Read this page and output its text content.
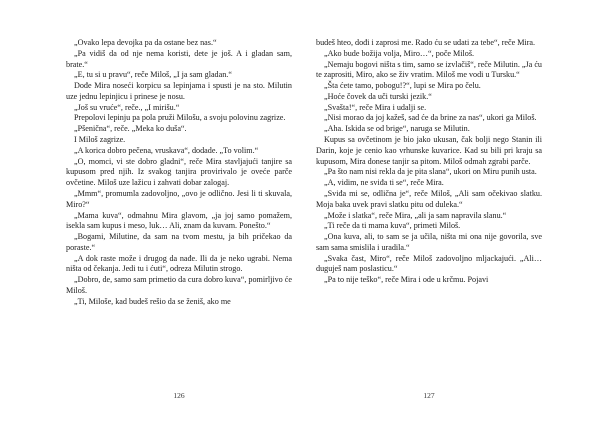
„Ovako lepa devojka pa da ostane bez nas.“

„Pa vidiš da od nje nema koristi, dete je još. A i gladan sam, brate.“

„E, tu si u pravu“, reče Miloš, „I ja sam gladan.“

Dođe Mira noseći korpicu sa lepinjama i spusti je na sto. Milutin uze jednu lepinjicu i prinese je nosu.

„Još su vruće“, reče., „I mirišu.“

Prepolovi lepinju pa pola pruži Milošu, a svoju polovinu zagrize.

„Pšenična“, reče. „Meka ko duša“.

I Miloš zagrize.

„A korica dobro pečena, vruskava“, dodade. „To volim.“

„O, momci, vi ste dobro gladni“, reče Mira stavljajući tanjire sa kupusom pred njih. Iz svakog tanjira provirivalo je oveće parče ovčetine. Miloš uze lažicu i zahvati dobar zalogaj.

„Mmm“, promumla zadovoljno, „ovo je odlično. Jesi li ti skuvala, Miro?“

„Mama kuva“, odmahnu Mira glavom, „ja joj samo pomažem, isekla sam kupus i meso, luk… Ali, znam da kuvam. Ponešto.“

„Bogami, Milutine, da sam na tvom mestu, ja bih pričekao da poraste.“

„A dok raste može i drugog da nađe. Ili da je neko ugrabi. Nema ništa od čekanja. Jedi tu i ćuti“, odreza Milutin strogo.

„Dobro, de, samo sam primetio da cura dobro kuva“, pomirljivo će Miloš.

„Ti, Miloše, kad budeš rešio da se ženiš, ako me

126

budeš hteo, dođi i zaprosi me. Rado ću se udati za tebe“, reče Mira.

„Ako bude božija volja, Miro…“, poče Miloš.

„Nemaju bogovi ništa s tim, samo se izvlačiš“, reče Milutin. „Ja ću te zaprositi, Miro, ako se živ vratim. Miloš me vodi u Tursku.“

„Šta ćete tamo, pobogu!?“, lupi se Mira po čelu.

„Hoće čovek da uči turski jezik.“

„Svašta!“, reče Mira i udalji se.

„Nisi morao da joj kažeš, sad će da brine za nas“, ukori ga Miloš.

„Aha. Iskida se od brige“, naruga se Milutin.

Kupus sa ovčetinom je bio jako ukusan, čak bolji nego Stanin ili Darin, koje je cenio kao vrhunske kuvarice. Kad su bili pri kraju sa kupusom, Mira donese tanjir sa pitom. Miloš odmah zgrabi parče.

„Pa što nam nisi rekla da je pita slana“, ukori on Miru punih usta.

„A, vidim, ne sviđa ti se“, reče Mira.

„Sviđa mi se, odlična je“, reče Miloš, „Ali sam očekivao slatku. Moja baka uvek pravi slatku pitu od duleka.“

„Može i slatka“, reče Mira, „ali ja sam napravila slanu.“

„Ti reče da ti mama kuva“, primeti Miloš.

„Ona kuva, ali, to sam se ja učila, ništa mi ona nije govorila, sve sam sama smislila i uradila.“

„Svaka čast, Miro“, reče Miloš zadovoljno mljackajući. „Ali… duguješ nam poslasticu.“

„Pa to nije teško“, reče Mira i ode u krčmu. Pojavi

127
